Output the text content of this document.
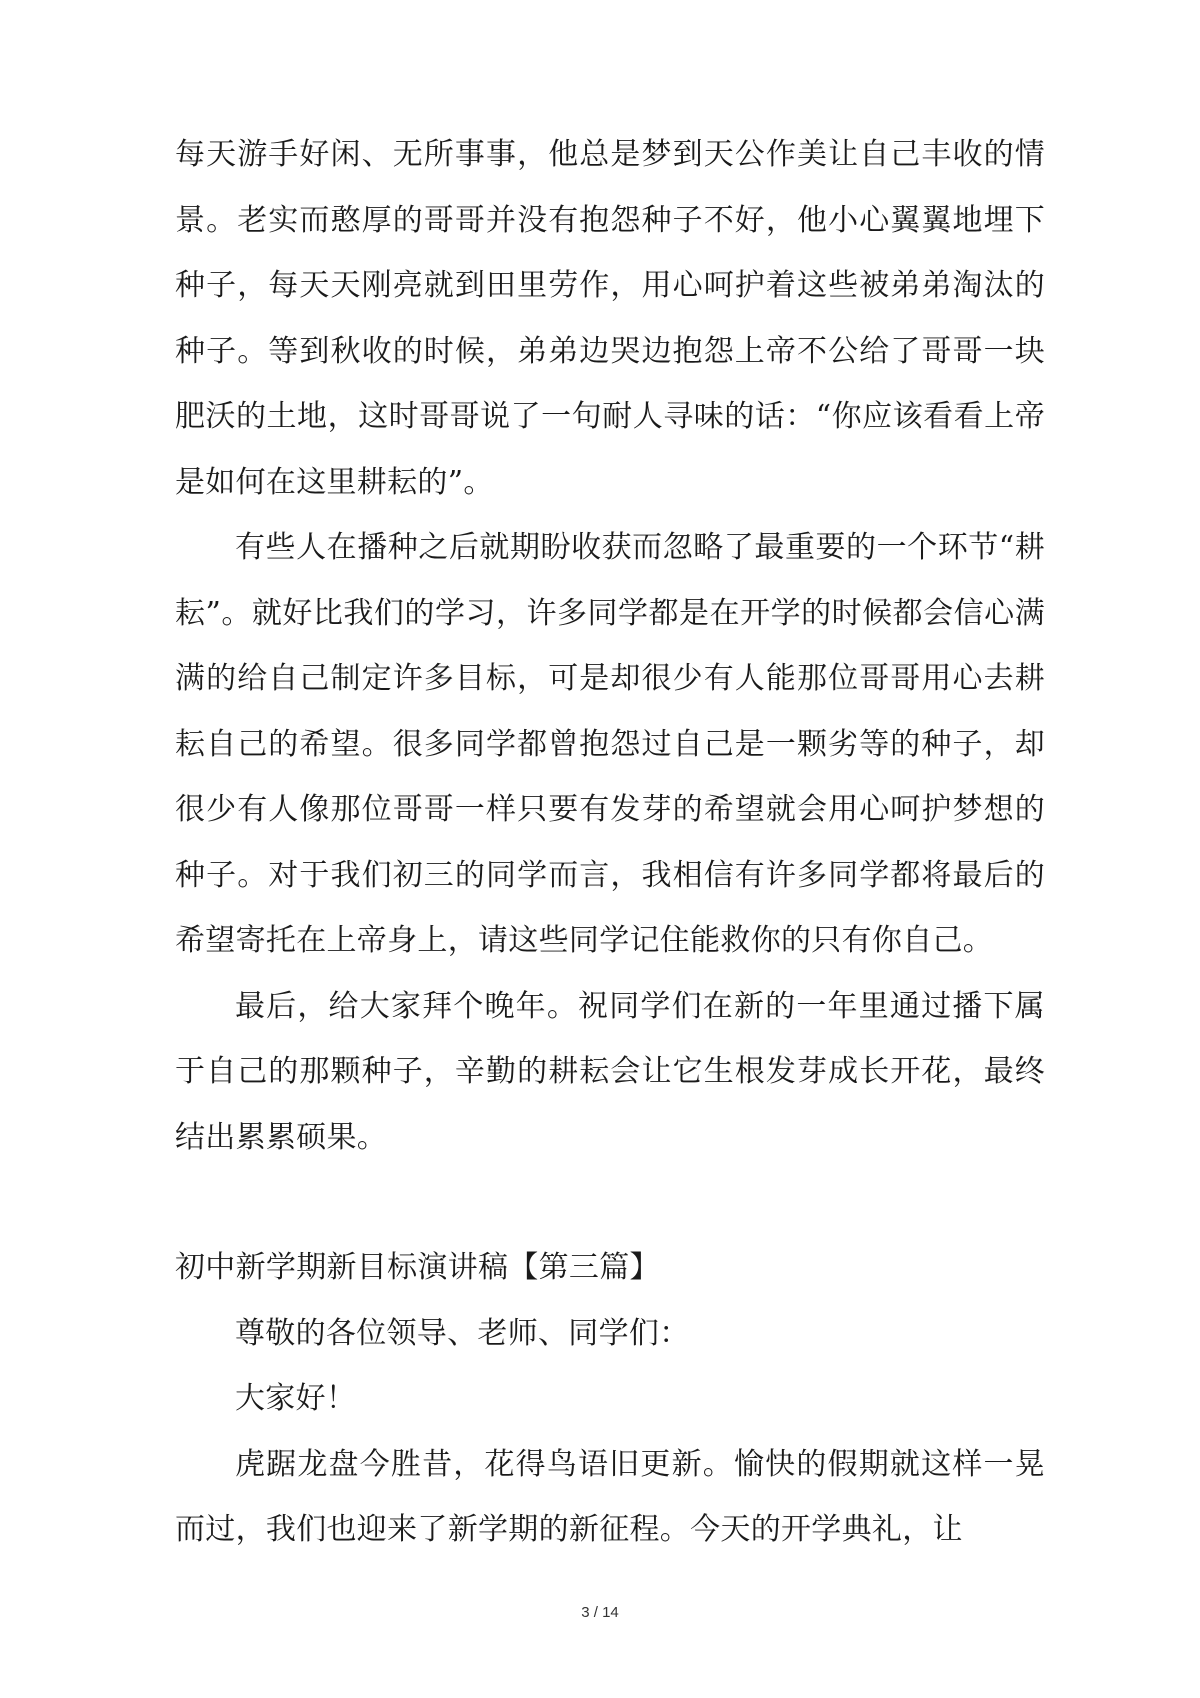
每天游手好闲、无所事事，他总是梦到天公作美让自己丰收的情景。老实而憨厚的哥哥并没有抱怨种子不好，他小心翼翼地埋下种子，每天天刚亮就到田里劳作，用心呵护着这些被弟弟淘汰的种子。等到秋收的时候，弟弟边哭边抱怨上帝不公给了哥哥一块肥沃的土地，这时哥哥说了一句耐人寻味的话：“你应该看看上帝是如何在这里耕耘的”。

有些人在播种之后就期盼收获而忽略了最重要的一个环节“耕耘”。就好比我们的学习，许多同学都是在开学的时候都会信心满满的给自己制定许多目标，可是却很少有人能那位哥哥用心去耕耘自己的希望。很多同学都曾抱怨过自己是一颗劣等的种子，却很少有人像那位哥哥一样只要有发芽的希望就会用心呵护梦想的种子。对于我们初三的同学而言，我相信有许多同学都将最后的希望寄托在上帝身上，请这些同学记住能救你的只有你自己。

最后，给大家拜个晚年。祝同学们在新的一年里通过播下属于自己的那颗种子，辛勤的耕耘会让它生根发芽成长开花，最终结出累累硕果。

初中新学期新目标演讲稿【第三篇】

尊敬的各位领导、老师、同学们：

大家好！

虎踞龙盘今胜昔，花得鸟语旧更新。愉快的假期就这样一晃而过，我们也迎来了新学期的新征程。今天的开学典礼，让

3 / 14
